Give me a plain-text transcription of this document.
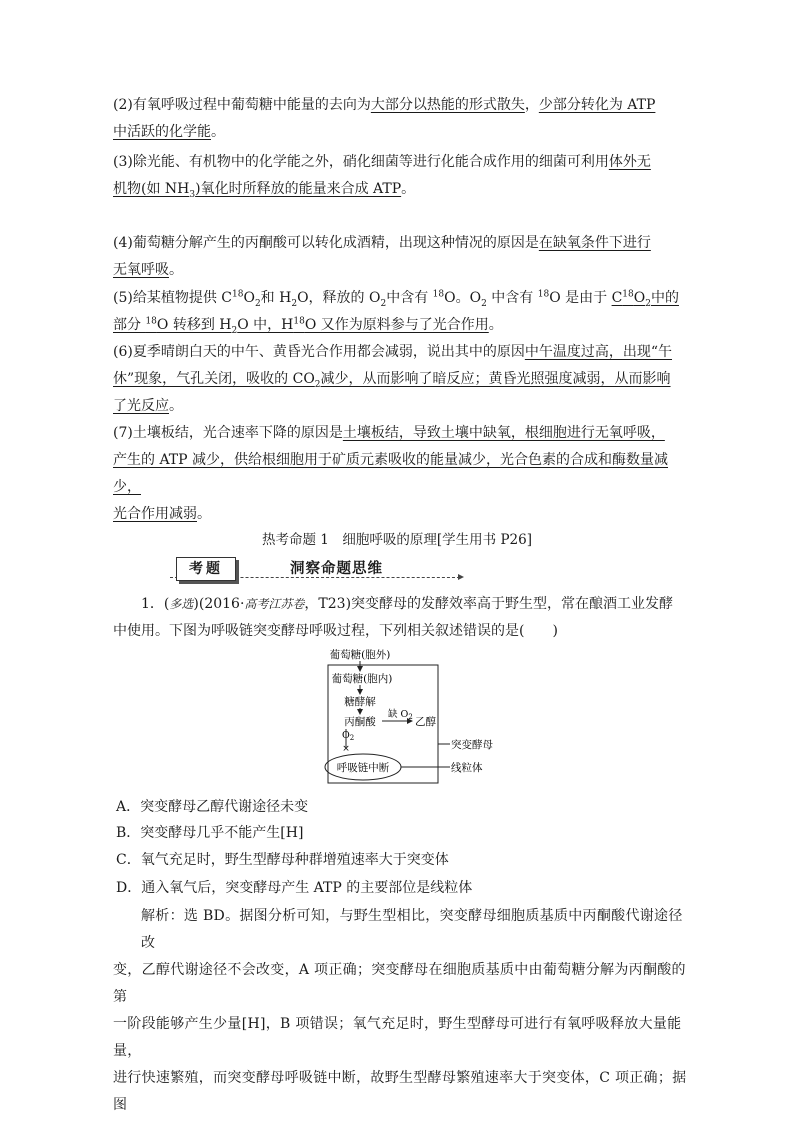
(2)有氧呼吸过程中葡萄糖中能量的去向为大部分以热能的形式散失，少部分转化为 ATP
中活跃的化学能。

(3)除光能、有机物中的化学能之外，硝化细菌等进行化能合成作用的细菌可利用体外无
机物(如 $NH_3$)氧化时所释放的能量来合成 ATP。

(4)葡萄糖分解产生的丙酮酸可以转化成酒精，出现这种情况的原因是在缺氧条件下进行
无氧呼吸。

(5)给某植物提供 $C^{18}O_2$和 $H_2O$，释放的 $O_2$中含有 $^{18}$O。$O_2$ 中含有 $^{18}$O 是由于 $C^{18}O_2$中的
部分 $^{18}$O 转移到 $H_2O$ 中，$H^{18}O$ 又作为原料参与了光合作用。

(6)夏季晴朗白天的中午、黄昏光合作用都会减弱，说出其中的原因中午温度过高，出现“午
休”现象，气孔关闭，吸收的 $CO_2$减少，从而影响了暗反应；黄昏光照强度减弱，从而影响
了光反应。

(7)土壤板结，光合速率下降的原因是土壤板结，导致土壤中缺氧，根细胞进行无氧呼吸，
产生的 ATP 减少，供给根细胞用于矿质元素吸收的能量减少，光合色素的合成和酶数量减少，
光合作用减弱。

热考命题 1　细胞呼吸的原理[学生用书 P26]
考题	洞察命题思维

1．(多选)(2016·高考江苏卷，T23)突变酵母的发酵效率高于野生型，常在酿酒工业发酵
中使用。下图为呼吸链突变酵母呼吸过程，下列相关叙述错误的是(　　)

葡萄糖(胞外)
葡萄糖(胞内)
糖酵解
丙酮酸
缺 $O_2$ 乙醇
$O_2$
×
呼吸链中断
突变酵母
线粒体
A．突变酵母乙醇代谢途径未变
B．突变酵母几乎不能产生[H]
C．氧气充足时，野生型酵母种群增殖速率大于突变体
D．通入氧气后，突变酵母产生 ATP 的主要部位是线粒体
解析：选 BD。据图分析可知，与野生型相比，突变酵母细胞质基质中丙酮酸代谢途径改
变，乙醇代谢途径不会改变，A 项正确；突变酵母在细胞质基质中由葡萄糖分解为丙酮酸的第
一阶段能够产生少量[H]，B 项错误；氧气充足时，野生型酵母可进行有氧呼吸释放大量能量，
进行快速繁殖，而突变酵母呼吸链中断，故野生型酵母繁殖速率大于突变体，C 项正确；据图
